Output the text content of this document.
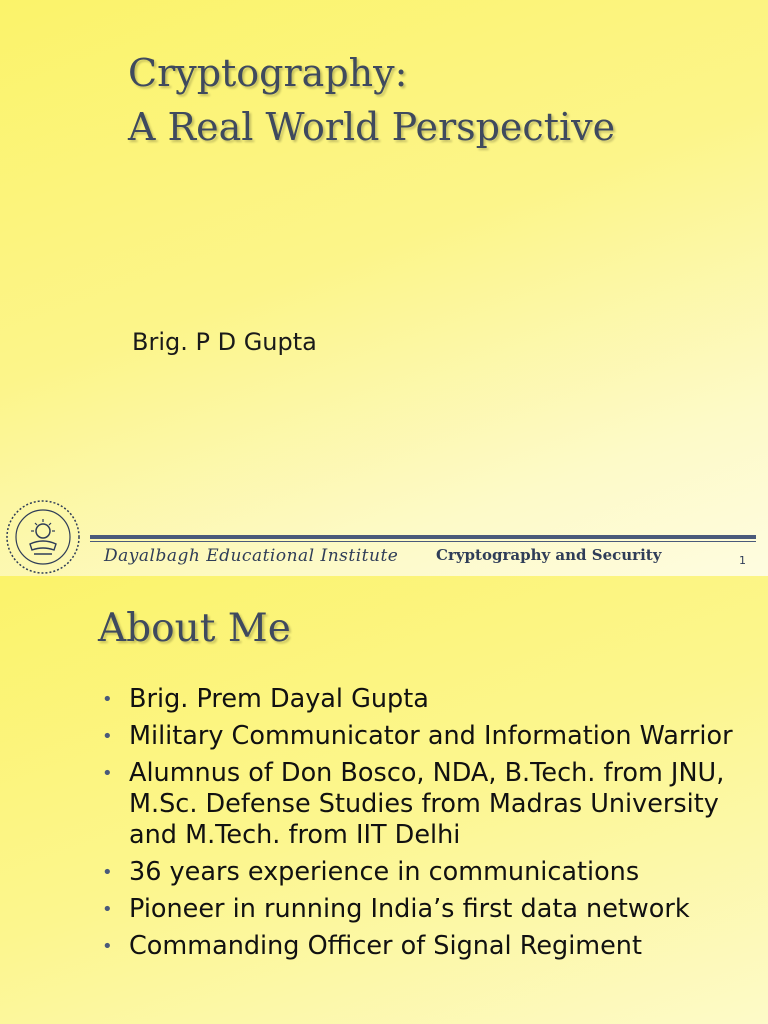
Cryptography:
A Real World Perspective

Brig. P D Gupta

Dayalbagh Educational Institute	Cryptography and Security	1
About Me
• Brig. Prem Dayal Gupta
• Military Communicator and Information Warrior
• Alumnus of Don Bosco, NDA, B.Tech. from JNU, M.Sc. Defense Studies from Madras University and M.Tech. from IIT Delhi
• 36 years experience in communications
• Pioneer in running India’s first data network
• Commanding Officer of Signal Regiment
